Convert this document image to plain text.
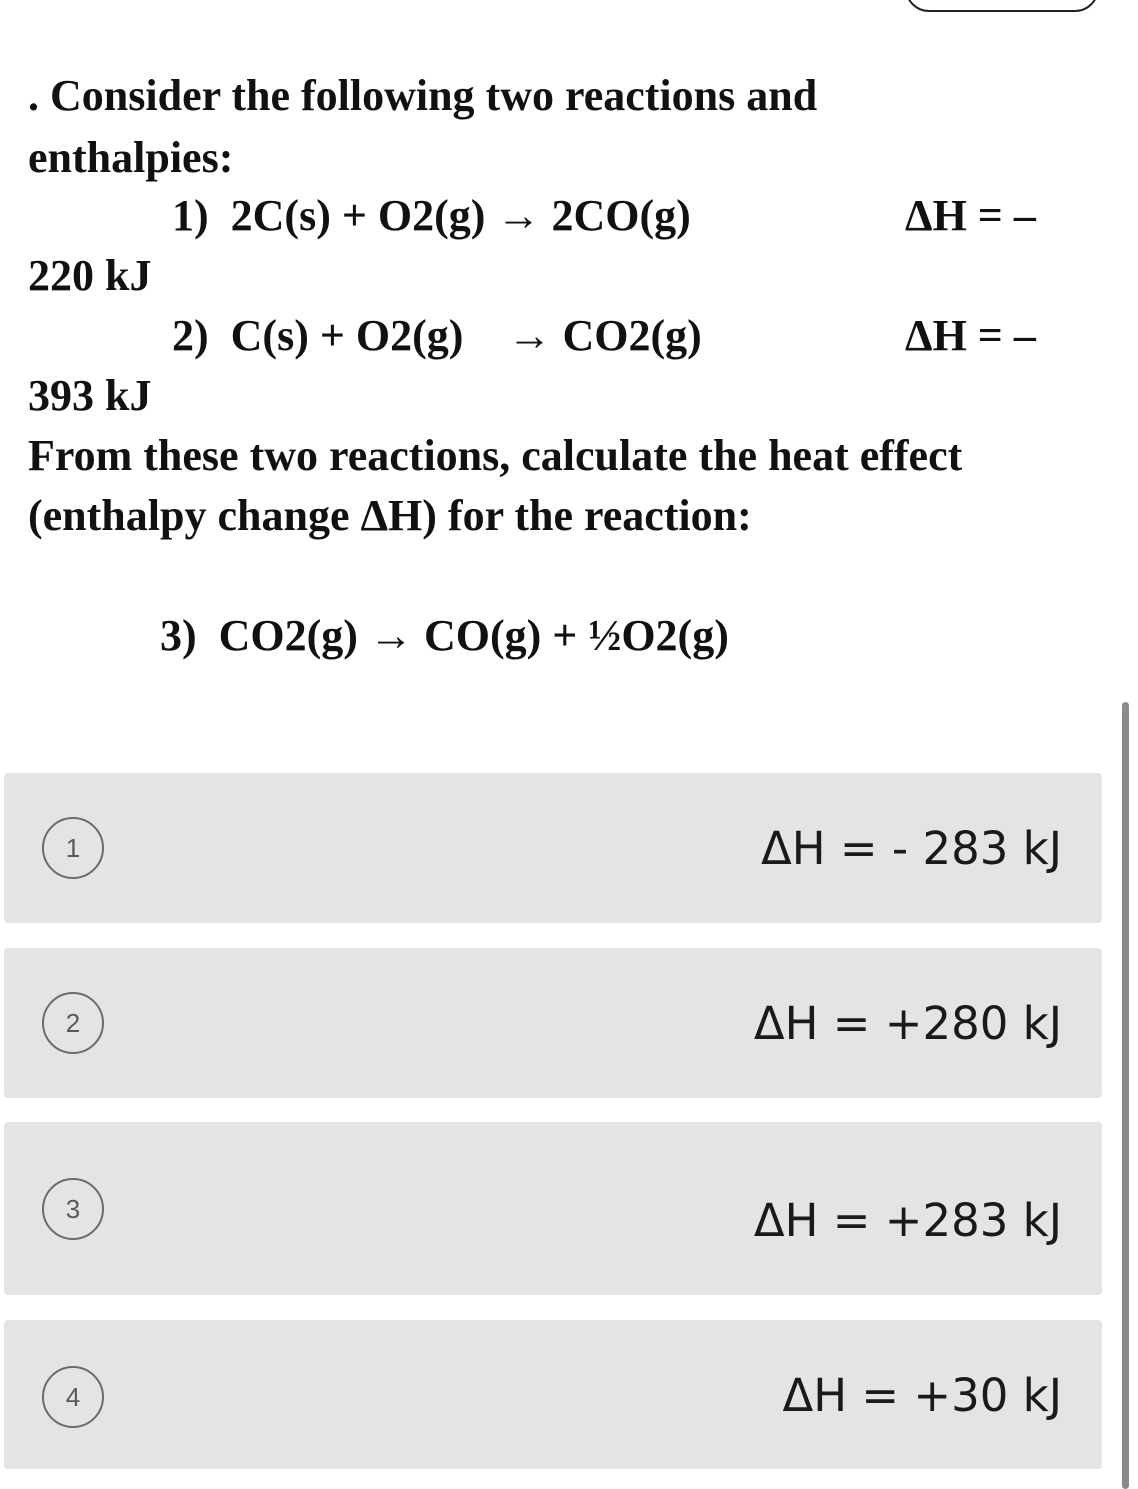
. Consider the following two reactions and
enthalpies:
1)  2C(s) + O2(g) → 2CO(g)	ΔH = –
220 kJ
2)  C(s) + O2(g)    → CO2(g)	ΔH = –
393 kJ
From these two reactions, calculate the heat effect
(enthalpy change ΔH) for the reaction:
3)  CO2(g) → CO(g) + ½O2(g)
1	ΔH = - 283 kJ
2	ΔH = +280 kJ
3	ΔH = +283 kJ
4	ΔH = +30 kJ
